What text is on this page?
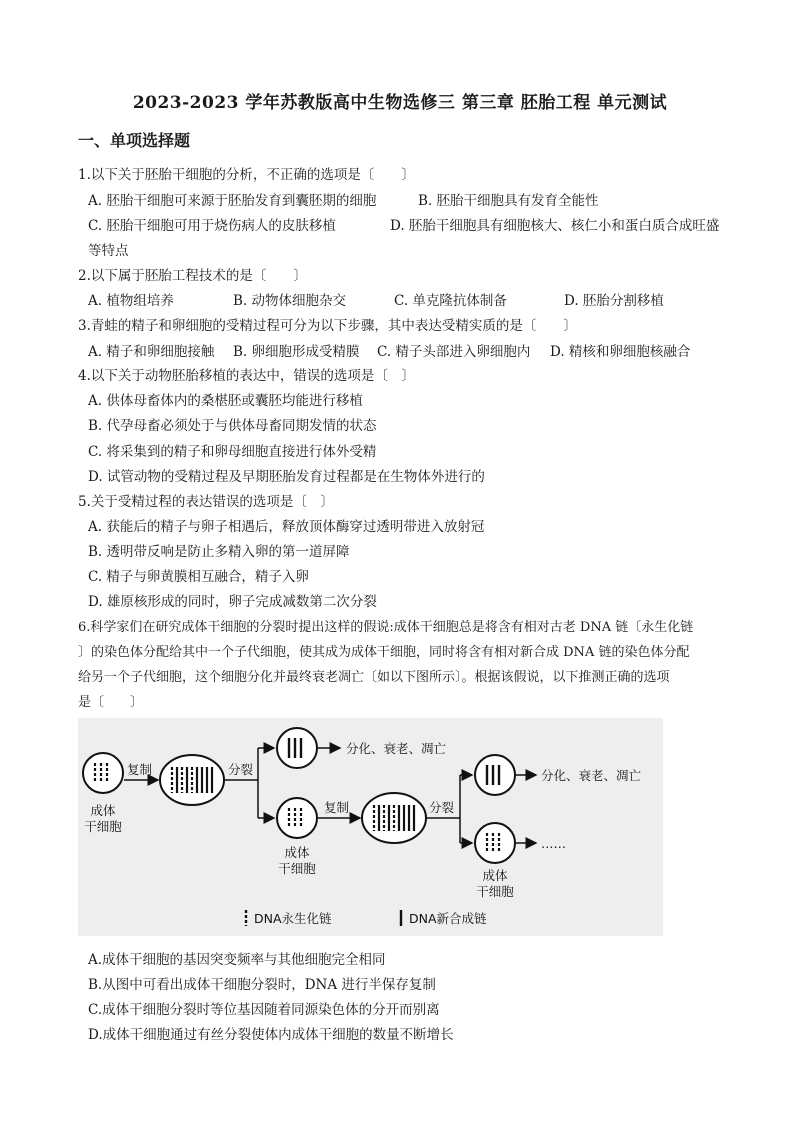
2023-2023 学年苏教版高中生物选修三 第三章 胚胎工程 单元测试
一、单项选择题
1.以下关于胚胎干细胞的分析，不正确的选项是〔　　〕
A. 胚胎干细胞可来源于胚胎发育到囊胚期的细胞	B. 胚胎干细胞具有发育全能性
C. 胚胎干细胞可用于烧伤病人的皮肤移植	D. 胚胎干细胞具有细胞核大、核仁小和蛋白质合成旺盛
等特点
2.以下属于胚胎工程技术的是〔　　〕
A. 植物组培养	B. 动物体细胞杂交	C. 单克隆抗体制备	D. 胚胎分割移植
3.青蛙的精子和卵细胞的受精过程可分为以下步骤，其中表达受精实质的是〔　　〕
A. 精子和卵细胞接触 B. 卵细胞形成受精膜 C. 精子头部进入卵细胞内 D. 精核和卵细胞核融合
4.以下关于动物胚胎移植的表达中，错误的选项是〔　〕
A. 供体母畜体内的桑椹胚或囊胚均能进行移植
B. 代孕母畜必须处于与供体母畜同期发情的状态
C. 将采集到的精子和卵母细胞直接进行体外受精
D. 试管动物的受精过程及早期胚胎发育过程都是在生物体外进行的
5.关于受精过程的表达错误的选项是〔　〕
A. 获能后的精子与卵子相遇后，释放顶体酶穿过透明带进入放射冠
B. 透明带反响是防止多精入卵的第一道屏障
C. 精子与卵黄膜相互融合，精子入卵
D. 雄原核形成的同时，卵子完成减数第二次分裂
6.科学家们在研究成体干细胞的分裂时提出这样的假说:成体干细胞总是将含有相对古老 DNA 链〔永生化链
〕的染色体分配给其中一个子代细胞，使其成为成体干细胞，同时将含有相对新合成 DNA 链的染色体分配
给另一个子代细胞，这个细胞分化并最终衰老凋亡〔如以下图所示〕。根据该假说，以下推测正确的选项
是〔　　〕
成体
干细胞
复制	分裂
分化、衰老、凋亡
成体
干细胞
复制	分裂
分化、衰老、凋亡
……
成体
干细胞
DNA永生化链	DNA新合成链
A.成体干细胞的基因突变频率与其他细胞完全相同
B.从图中可看出成体干细胞分裂时，DNA 进行半保存复制
C.成体干细胞分裂时等位基因随着同源染色体的分开而别离
D.成体干细胞通过有丝分裂使体内成体干细胞的数量不断增长
